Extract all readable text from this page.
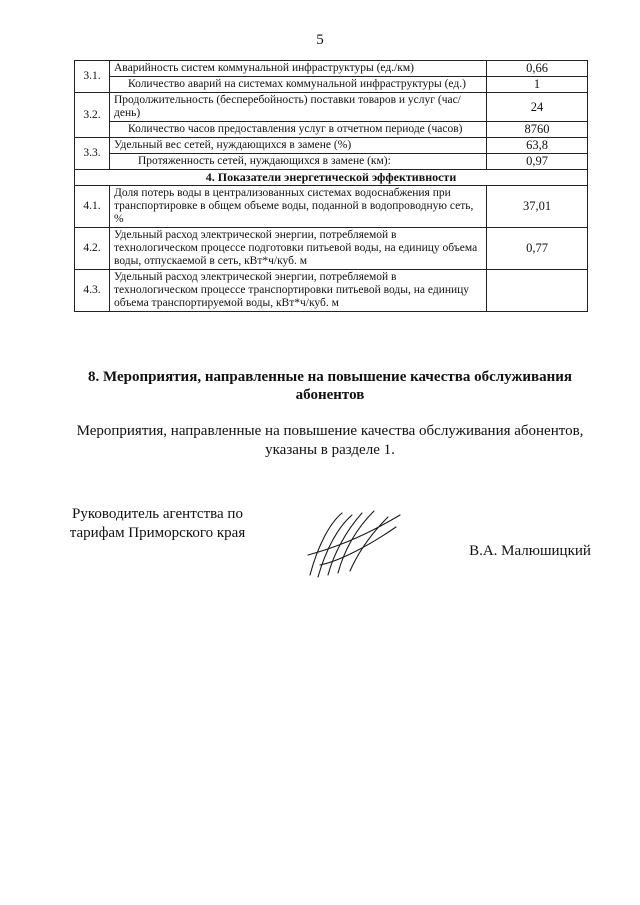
5
3.1.	Аварийность систем коммунальной инфраструктуры (ед./км)	0,66
	Количество аварий на системах коммунальной инфраструктуры (ед.)	1
3.2.	Продолжительность (бесперебойность) поставки товаров и услуг (час/день)	24
	Количество часов предоставления услуг в отчетном периоде (часов)	8760
3.3.	Удельный вес сетей, нуждающихся в замене (%)	63,8
	Протяженность сетей, нуждающихся в замене (км):	0,97
4. Показатели энергетической эффективности		
4.1.	Доля потерь воды в централизованных системах водоснабжения при транспортировке в общем объеме воды, поданной в водопроводную сеть, %	37,01
4.2.	Удельный расход электрической энергии, потребляемой в технологическом процессе подготовки питьевой воды, на единицу объема воды, отпускаемой в сеть, кВт*ч/куб. м	0,77
4.3.	Удельный расход электрической энергии, потребляемой в технологическом процессе транспортировки питьевой воды, на единицу объема транспортируемой воды, кВт*ч/куб. м	
8. Мероприятия, направленные на повышение качества обслуживания абонентов
Мероприятия, направленные на повышение качества обслуживания абонентов, указаны в разделе 1.
Руководитель агентства по тарифам Приморского края
В.А. Малюшицкий
